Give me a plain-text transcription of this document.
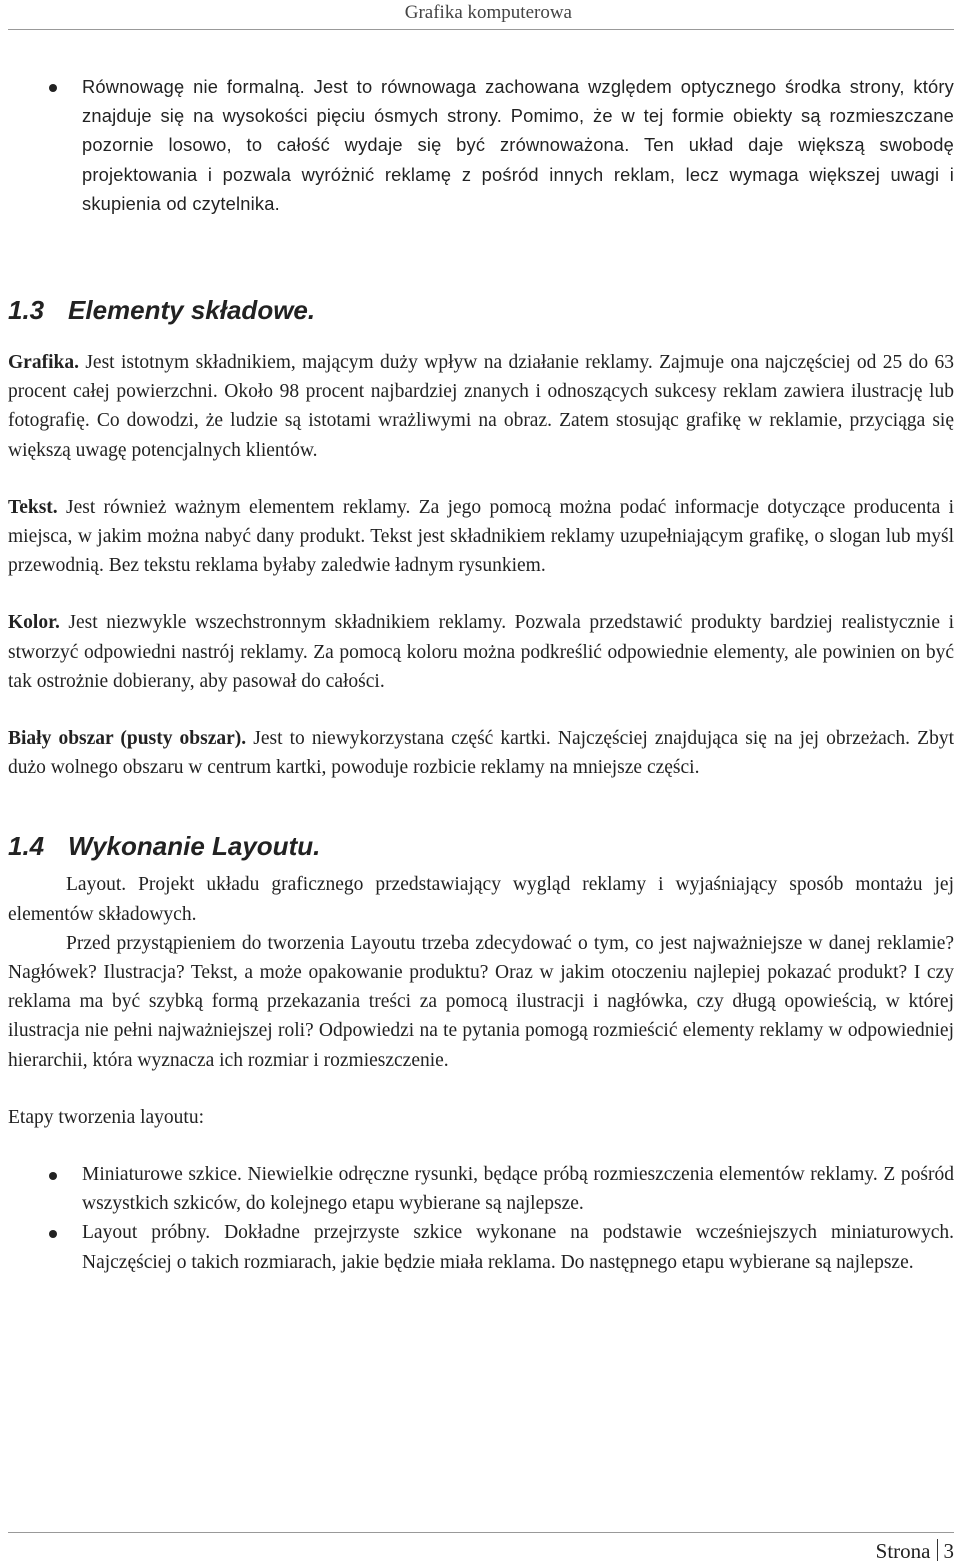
Grafika komputerowa
Równowagę nie formalną. Jest to równowaga zachowana względem optycznego środka strony, który znajduje się na wysokości pięciu ósmych strony. Pomimo, że w tej formie obiekty są rozmieszczane pozornie losowo, to całość wydaje się być zrównoważona. Ten układ daje większą swobodę projektowania i pozwala wyróżnić reklamę z pośród innych reklam, lecz wymaga większej uwagi i skupienia od czytelnika.
1.3 Elementy składowe.

Grafika. Jest istotnym składnikiem, mającym duży wpływ na działanie reklamy. Zajmuje ona najczęściej od 25 do 63 procent całej powierzchni. Około 98 procent najbardziej znanych i odnoszących sukcesy reklam zawiera ilustrację lub fotografię. Co dowodzi, że ludzie są istotami wrażliwymi na obraz. Zatem stosując grafikę w reklamie, przyciąga się większą uwagę potencjalnych klientów.

Tekst. Jest również ważnym elementem reklamy. Za jego pomocą można podać informacje dotyczące producenta i miejsca, w jakim można nabyć dany produkt. Tekst jest składnikiem reklamy uzupełniającym grafikę, o slogan lub myśl przewodnią. Bez tekstu reklama byłaby zaledwie ładnym rysunkiem.

Kolor. Jest niezwykle wszechstronnym składnikiem reklamy. Pozwala przedstawić produkty bardziej realistycznie i stworzyć odpowiedni nastrój reklamy. Za pomocą koloru można podkreślić odpowiednie elementy, ale powinien on być tak ostrożnie dobierany, aby pasował do całości.

Biały obszar (pusty obszar). Jest to niewykorzystana część kartki. Najczęściej znajdująca się na jej obrzeżach. Zbyt dużo wolnego obszaru w centrum kartki, powoduje rozbicie reklamy na mniejsze części.

1.4 Wykonanie Layoutu.

Layout. Projekt układu graficznego przedstawiający wygląd reklamy i wyjaśniający sposób montażu jej elementów składowych.

Przed przystąpieniem do tworzenia Layoutu trzeba zdecydować o tym, co jest najważniejsze w danej reklamie? Nagłówek? Ilustracja? Tekst, a może opakowanie produktu? Oraz w jakim otoczeniu najlepiej pokazać produkt? I czy reklama ma być szybką formą przekazania treści za pomocą ilustracji i nagłówka, czy długą opowieścią, w której ilustracja nie pełni najważniejszej roli? Odpowiedzi na te pytania pomogą rozmieścić elementy reklamy w odpowiedniej hierarchii, która wyznacza ich rozmiar i rozmieszczenie.

Etapy tworzenia layoutu:

Miniaturowe szkice. Niewielkie odręczne rysunki, będące próbą rozmieszczenia elementów reklamy. Z pośród wszystkich szkiców, do kolejnego etapu wybierane są najlepsze.
Layout próbny. Dokładne przejrzyste szkice wykonane na podstawie wcześniejszych miniaturowych. Najczęściej o takich rozmiarach, jakie będzie miała reklama. Do następnego etapu wybierane są najlepsze.
Strona 3
